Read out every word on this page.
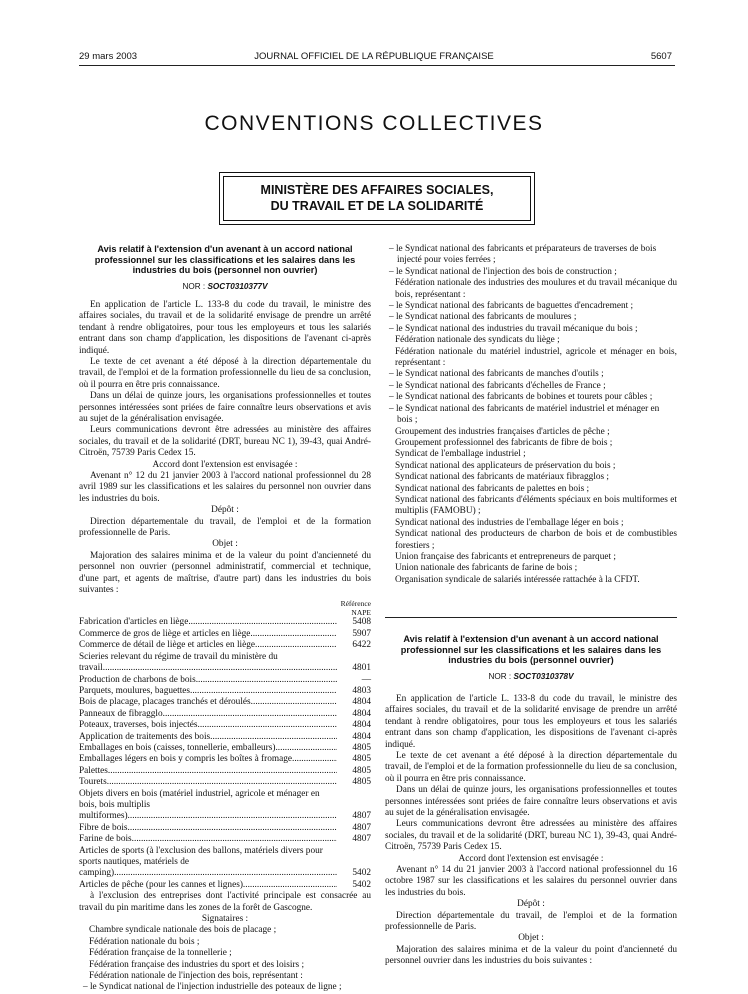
29 mars 2003	JOURNAL OFFICIEL DE LA RÉPUBLIQUE FRANÇAISE	5607
CONVENTIONS COLLECTIVES
MINISTÈRE DES AFFAIRES SOCIALES,
DU TRAVAIL ET DE LA SOLIDARITÉ
Avis relatif à l'extension d'un avenant à un accord national professionnel sur les classifications et les salaires dans les industries du bois (personnel non ouvrier)
NOR : SOCT0310377V

En application de l'article L. 133-8 du code du travail, le ministre des affaires sociales, du travail et de la solidarité envisage de prendre un arrêté tendant à rendre obligatoires, pour tous les employeurs et tous les salariés entrant dans son champ d'application, les dispositions de l'avenant ci-après indiqué.

Le texte de cet avenant a été déposé à la direction départementale du travail, de l'emploi et de la formation professionnelle du lieu de sa conclusion, où il pourra en être pris connaissance.

Dans un délai de quinze jours, les organisations professionnelles et toutes personnes intéressées sont priées de faire connaître leurs observations et avis au sujet de la généralisation envisagée.

Leurs communications devront être adressées au ministère des affaires sociales, du travail et de la solidarité (DRT, bureau NC 1), 39-43, quai André-Citroën, 75739 Paris Cedex 15.

Accord dont l'extension est envisagée :

Avenant n° 12 du 21 janvier 2003 à l'accord national professionnel du 28 avril 1989 sur les classifications et les salaires du personnel non ouvrier dans les industries du bois.

Dépôt :

Direction départementale du travail, de l'emploi et de la formation professionnelle de Paris.

Objet :

Majoration des salaires minima et de la valeur du point d'ancienneté du personnel non ouvrier (personnel administratif, commercial et technique, d'une part, et agents de maîtrise, d'autre part) dans les industries du bois suivantes :

Référence
NAPE
Fabrication d'articles en liège .....	5408
Commerce de gros de liège et articles en liège .....	5907
Commerce de détail de liège et articles en liège .....	6422
Scieries relevant du régime de travail du ministère du travail .....	4801
Production de charbons de bois .....	—
Parquets, moulures, baguettes .....	4803
Bois de placage, placages tranchés et déroulés .....	4804
Panneaux de fibragglo .....	4804
Poteaux, traverses, bois injectés .....	4804
Application de traitements des bois .....	4804
Emballages en bois (caisses, tonnellerie, emballeurs) .....	4805
Emballages légers en bois y compris les boîtes à fromage .....	4805
Palettes .....	4805
Tourets .....	4805
Objets divers en bois (matériel industriel, agricole et ménager en bois, bois multiplis multiformes) .....	4807
Fibre de bois .....	4807
Farine de bois .....	4807
Articles de sports (à l'exclusion des ballons, matériels divers pour sports nautiques, matériels de camping) .....	5402
Articles de pêche (pour les cannes et lignes) .....	5402

à l'exclusion des entreprises dont l'activité principale est consacrée au travail du pin maritime dans les zones de la forêt de Gascogne.

Signataires :

Chambre syndicale nationale des bois de placage ;

Fédération nationale du bois ;

Fédération française de la tonnellerie ;

Fédération française des industries du sport et des loisirs ;

Fédération nationale de l'injection des bois, représentant :

– le Syndicat national de l'injection industrielle des poteaux de ligne ;

– le Syndicat national des fabricants et préparateurs de traverses de bois injecté pour voies ferrées ;

– le Syndicat national de l'injection des bois de construction ;

Fédération nationale des industries des moulures et du travail mécanique du bois, représentant :

– le Syndicat national des fabricants de baguettes d'encadrement ;

– le Syndicat national des fabricants de moulures ;

– le Syndicat national des industries du travail mécanique du bois ;

Fédération nationale des syndicats du liège ;

Fédération nationale du matériel industriel, agricole et ménager en bois, représentant :

– le Syndicat national des fabricants de manches d'outils ;

– le Syndicat national des fabricants d'échelles de France ;

– le Syndicat national des fabricants de bobines et tourets pour câbles ;

– le Syndicat national des fabricants de matériel industriel et ménager en bois ;

Groupement des industries françaises d'articles de pêche ;

Groupement professionnel des fabricants de fibre de bois ;

Syndicat de l'emballage industriel ;

Syndicat national des applicateurs de préservation du bois ;

Syndicat national des fabricants de matériaux fibragglos ;

Syndicat national des fabricants de palettes en bois ;

Syndicat national des fabricants d'éléments spéciaux en bois multiformes et multiplis (FAMOBU) ;

Syndicat national des industries de l'emballage léger en bois ;

Syndicat national des producteurs de charbon de bois et de combustibles forestiers ;

Union française des fabricants et entrepreneurs de parquet ;

Union nationale des fabricants de farine de bois ;

Organisation syndicale de salariés intéressée rattachée à la CFDT.

Avis relatif à l'extension d'un avenant à un accord national professionnel sur les classifications et les salaires dans les industries du bois (personnel ouvrier)
NOR : SOCT0310378V

En application de l'article L. 133-8 du code du travail, le ministre des affaires sociales, du travail et de la solidarité envisage de prendre un arrêté tendant à rendre obligatoires, pour tous les employeurs et tous les salariés entrant dans son champ d'application, les dispositions de l'avenant ci-après indiqué.

Le texte de cet avenant a été déposé à la direction départementale du travail, de l'emploi et de la formation professionnelle du lieu de sa conclusion, où il pourra en être pris connaissance.

Dans un délai de quinze jours, les organisations professionnelles et toutes personnes intéressées sont priées de faire connaître leurs observations et avis au sujet de la généralisation envisagée.

Leurs communications devront être adressées au ministère des affaires sociales, du travail et de la solidarité (DRT, bureau NC 1), 39-43, quai André-Citroën, 75739 Paris Cedex 15.

Accord dont l'extension est envisagée :

Avenant n° 14 du 21 janvier 2003 à l'accord national professionnel du 16 octobre 1987 sur les classifications et les salaires du personnel ouvrier dans les industries du bois.

Dépôt :

Direction départementale du travail, de l'emploi et de la formation professionnelle de Paris.

Objet :

Majoration des salaires minima et de la valeur du point d'ancienneté du personnel ouvrier dans les industries du bois suivantes :
